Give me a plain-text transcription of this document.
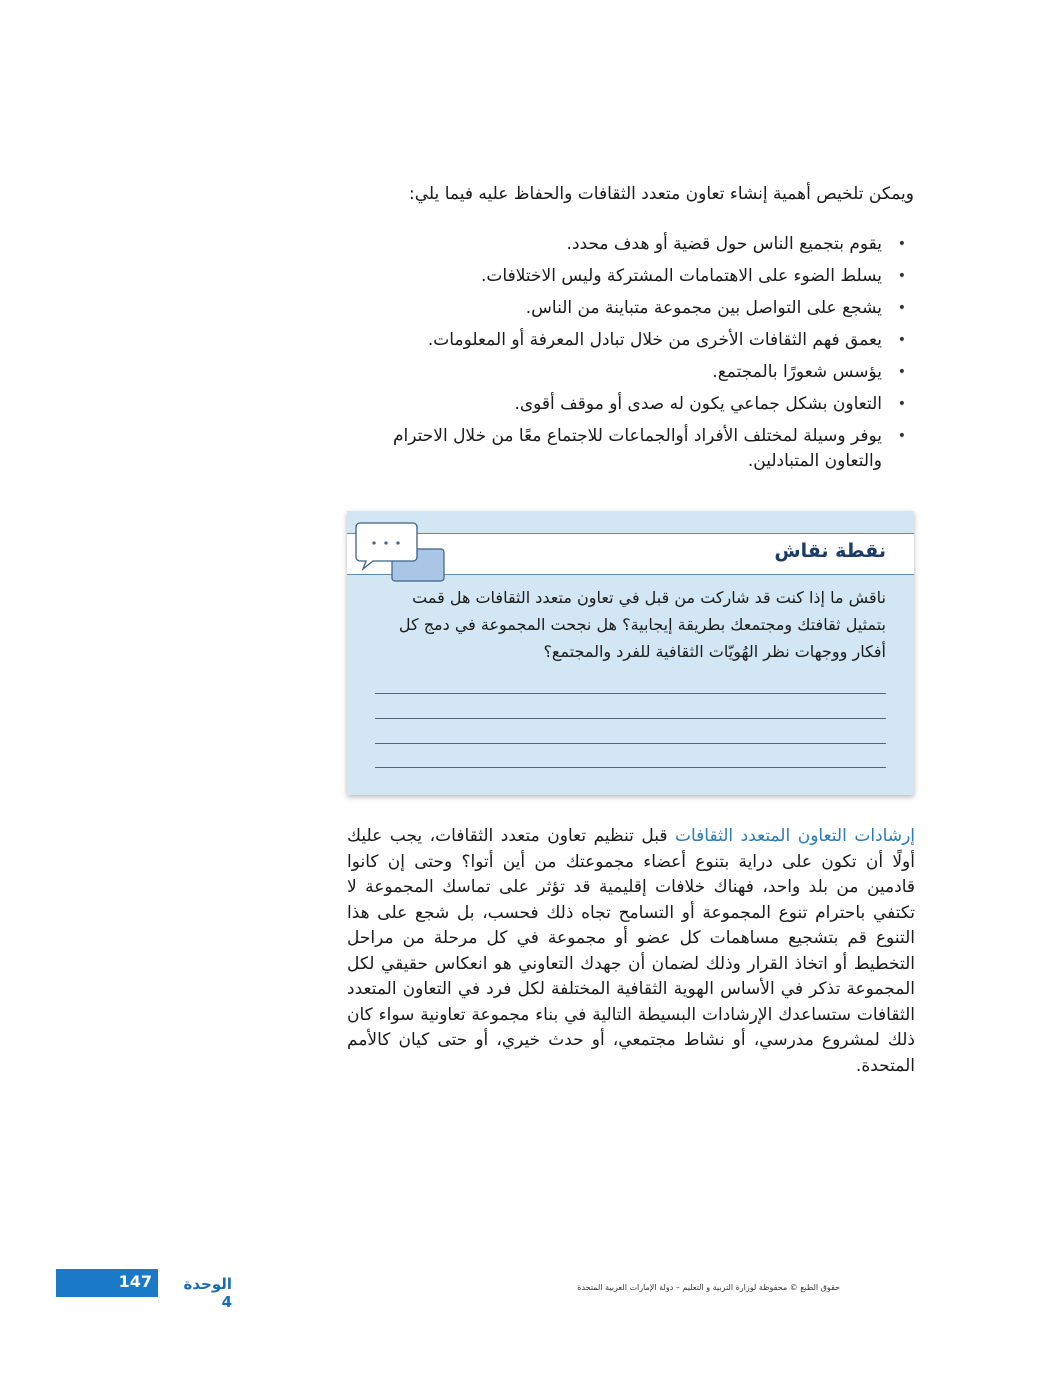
ويمكن تلخيص أهمية إنشاء تعاون متعدد الثقافات والحفاظ عليه فيما يلي:

• يقوم بتجميع الناس حول قضية أو هدف محدد.
• يسلط الضوء على الاهتمامات المشتركة وليس الاختلافات.
• يشجع على التواصل بين مجموعة متباينة من الناس.
• يعمق فهم الثقافات الأخرى من خلال تبادل المعرفة أو المعلومات.
• يؤسس شعورًا بالمجتمع.
• التعاون بشكل جماعي يكون له صدى أو موقف أقوى.
• يوفر وسيلة لمختلف الأفراد أوالجماعات للاجتماع معًا من خلال الاحترام والتعاون المتبادلين.
نقطة نقاش

ناقش ما إذا كنت قد شاركت من قبل في تعاون متعدد الثقافات هل قمت بتمثيل ثقافتك ومجتمعك بطريقة إيجابية؟ هل نجحت المجموعة في دمج كل أفكار ووجهات نظر الهُويّات الثقافية للفرد والمجتمع؟

إرشادات التعاون المتعدد الثقافات قبل تنظيم تعاون متعدد الثقافات، يجب عليك أولًا أن تكون على دراية بتنوع أعضاء مجموعتك من أين أتوا؟ وحتى إن كانوا قادمين من بلد واحد، فهناك خلافات إقليمية قد تؤثر على تماسك المجموعة لا تكتفي باحترام تنوع المجموعة أو التسامح تجاه ذلك فحسب، بل شجع على هذا التنوع قم بتشجيع مساهمات كل عضو أو مجموعة في كل مرحلة من مراحل التخطيط أو اتخاذ القرار وذلك لضمان أن جهدك التعاوني هو انعكاس حقيقي لكل المجموعة تذكر في الأساس الهوية الثقافية المختلفة لكل فرد في التعاون المتعدد الثقافات ستساعدك الإرشادات البسيطة التالية في بناء مجموعة تعاونية سواء كان ذلك لمشروع مدرسي، أو نشاط مجتمعي، أو حدث خيري، أو حتى كيان كالأمم المتحدة.

147	الوحدة 4

حقوق الطبع © محفوظة لوزارة التربية و التعليم – دولة الإمارات العربية المتحدة
